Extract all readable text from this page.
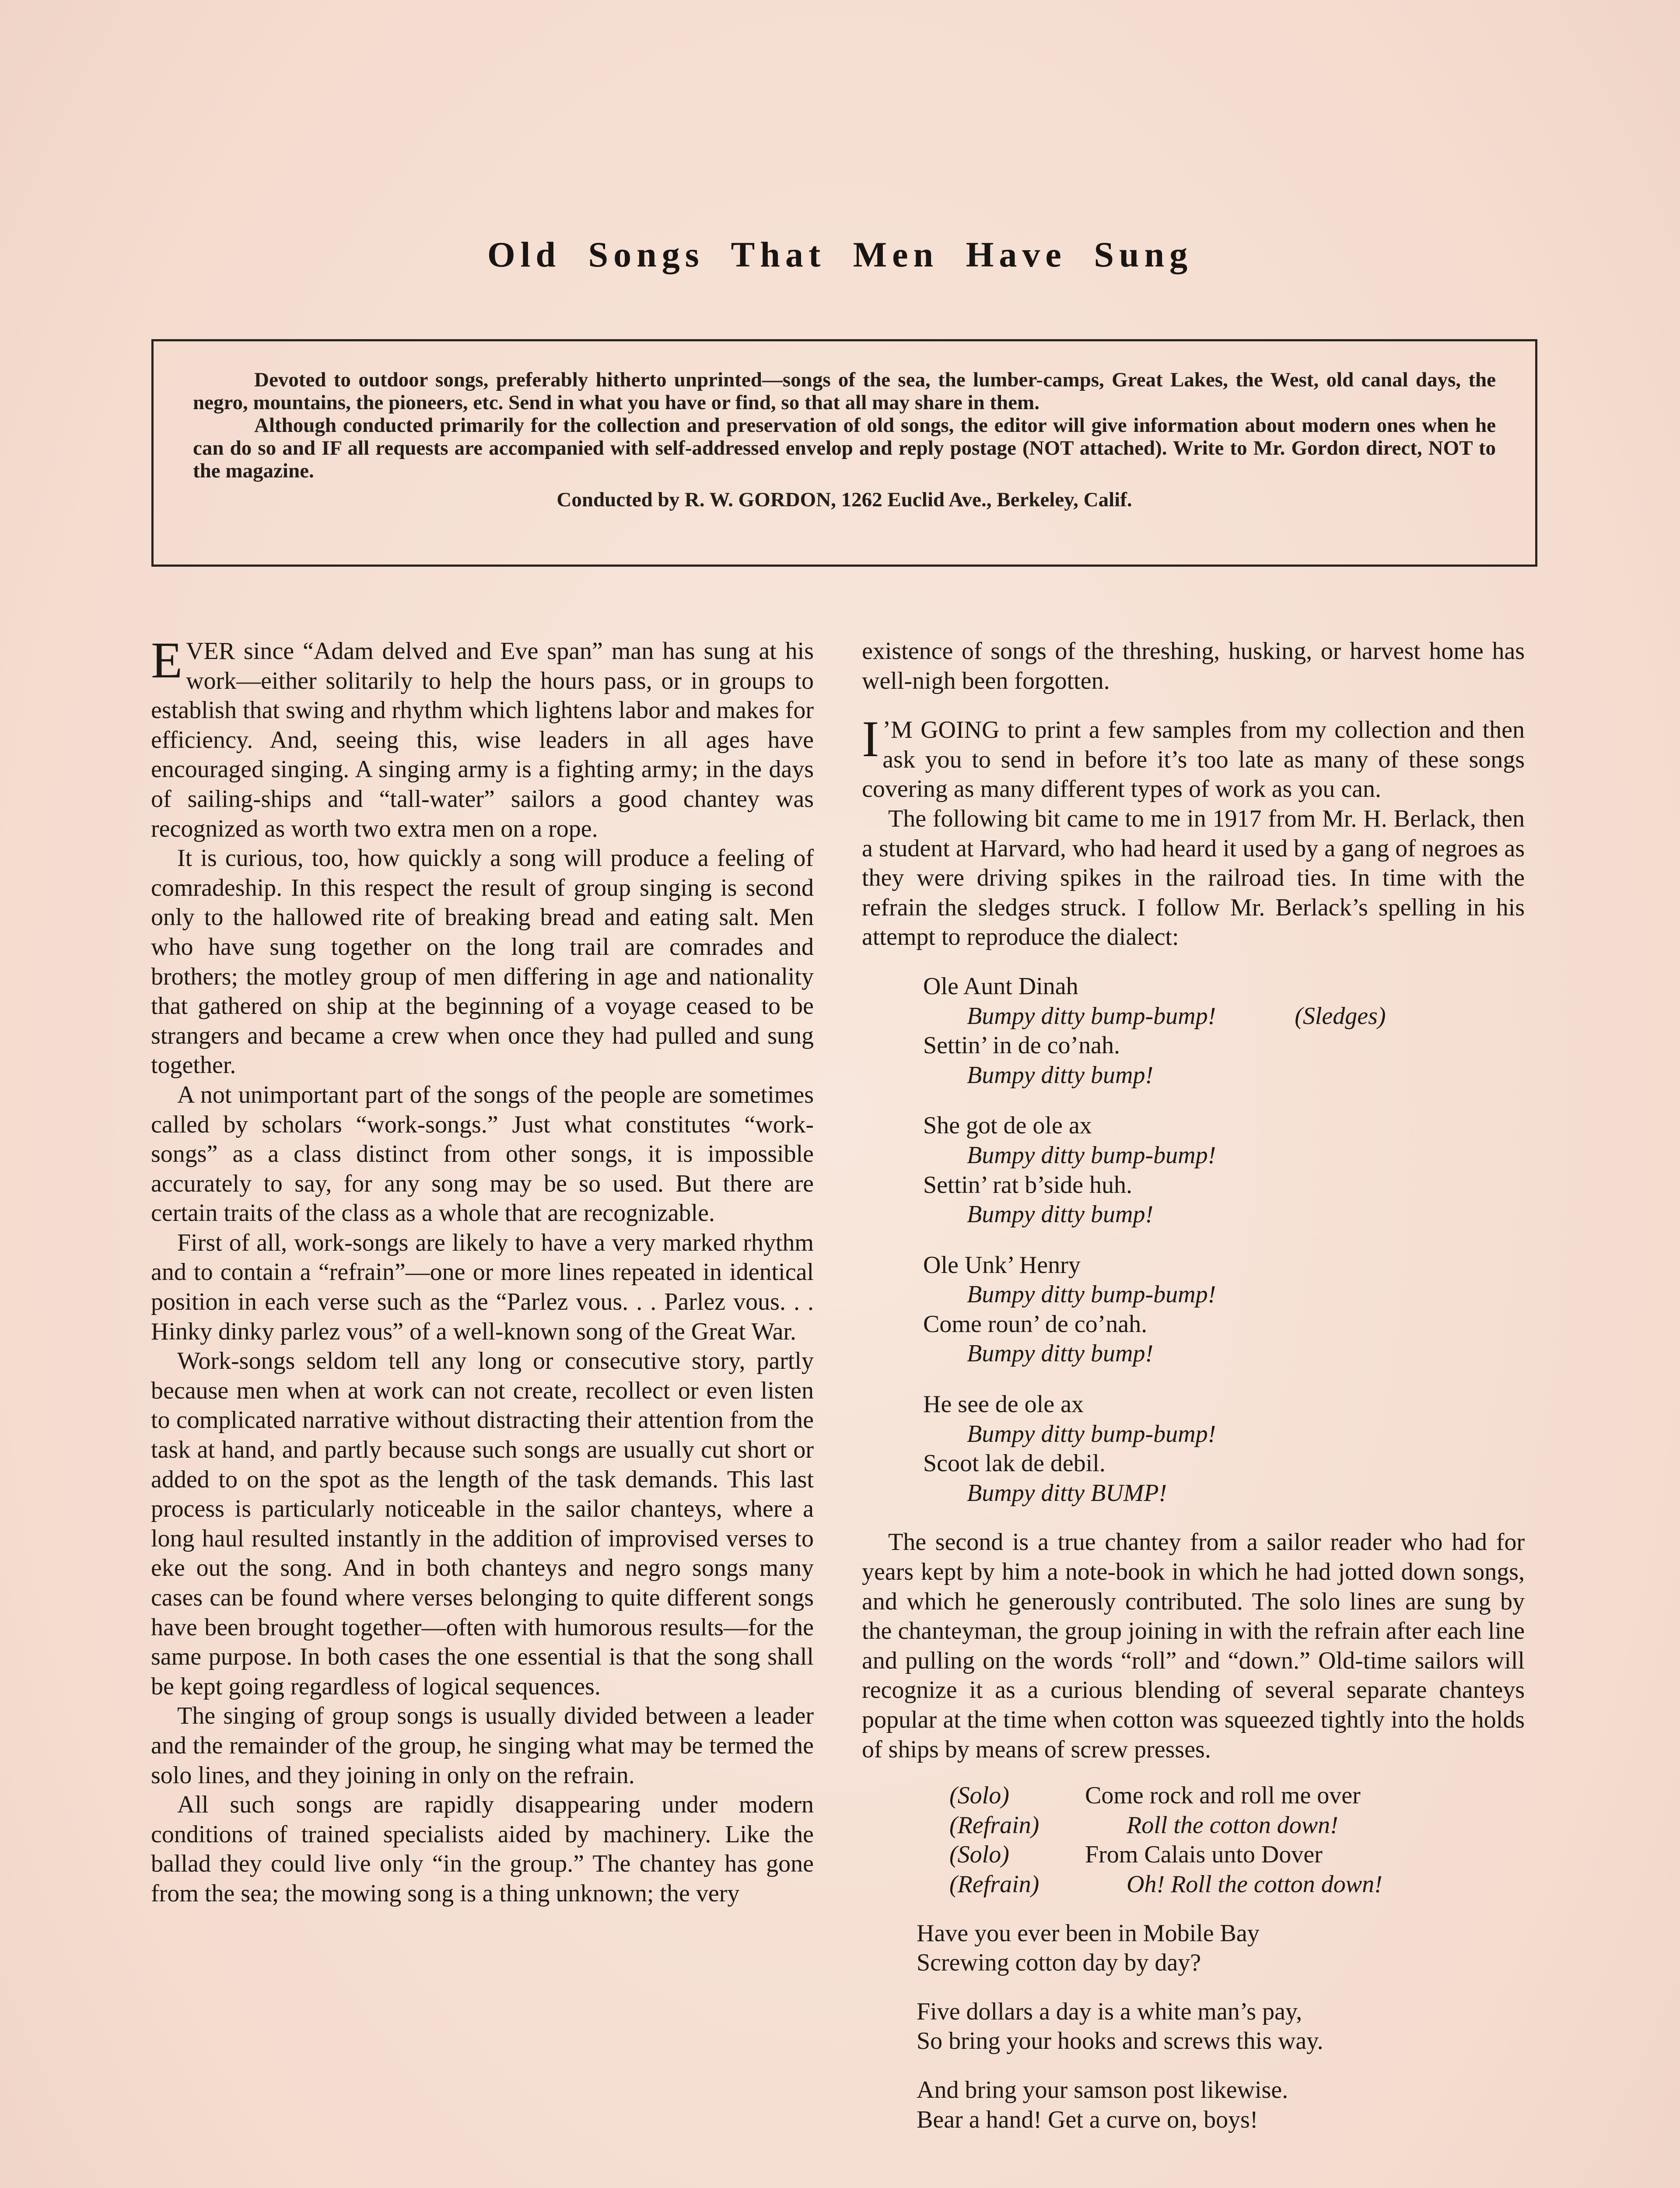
Old Songs That Men Have Sung

Devoted to outdoor songs, preferably hitherto unprinted—songs of the sea, the lumber-camps, Great Lakes, the West, old canal days, the negro, mountains, the pioneers, etc. Send in what you have or find, so that all may share in them.

Although conducted primarily for the collection and preservation of old songs, the editor will give information about modern ones when he can do so and IF all requests are accompanied with self-addressed envelop and reply postage (NOT attached). Write to Mr. Gordon direct, NOT to the magazine.

Conducted by R. W. GORDON, 1262 Euclid Ave., Berkeley, Calif.

EVER since “Adam delved and Eve span” man has sung at his work—either solitarily to help the hours pass, or in groups to establish that swing and rhythm which lightens labor and makes for efficiency. And, seeing this, wise leaders in all ages have encouraged singing. A singing army is a fighting army; in the days of sailing-ships and “tall-water” sailors a good chantey was recognized as worth two extra men on a rope.

It is curious, too, how quickly a song will produce a feeling of comradeship. In this respect the result of group singing is second only to the hallowed rite of breaking bread and eating salt. Men who have sung together on the long trail are comrades and brothers; the motley group of men differing in age and nationality that gathered on ship at the beginning of a voyage ceased to be strangers and became a crew when once they had pulled and sung together.

A not unimportant part of the songs of the people are sometimes called by scholars “work-songs.” Just what constitutes “work-songs” as a class distinct from other songs, it is impossible accurately to say, for any song may be so used. But there are certain traits of the class as a whole that are recognizable.

First of all, work-songs are likely to have a very marked rhythm and to contain a “refrain”—one or more lines repeated in identical position in each verse such as the “Parlez vous. . . Parlez vous. . . Hinky dinky parlez vous” of a well-known song of the Great War.

Work-songs seldom tell any long or consecutive story, partly because men when at work can not create, recollect or even listen to complicated narrative without distracting their attention from the task at hand, and partly because such songs are usually cut short or added to on the spot as the length of the task demands. This last process is particularly noticeable in the sailor chanteys, where a long haul resulted instantly in the addition of improvised verses to eke out the song. And in both chanteys and negro songs many cases can be found where verses belonging to quite different songs have been brought together—often with humorous results—for the same purpose. In both cases the one essential is that the song shall be kept going regardless of logical sequences.

The singing of group songs is usually divided between a leader and the remainder of the group, he singing what may be termed the solo lines, and they joining in only on the refrain.

All such songs are rapidly disappearing under modern conditions of trained specialists aided by machinery. Like the ballad they could live only “in the group.” The chantey has gone from the sea; the mowing song is a thing unknown; the very

existence of songs of the threshing, husking, or harvest home has well-nigh been forgotten.

I ’M GOING to print a few samples from my collection and then ask you to send in before it’s too late as many of these songs covering as many different types of work as you can.

The following bit came to me in 1917 from Mr. H. Berlack, then a student at Harvard, who had heard it used by a gang of negroes as they were driving spikes in the railroad ties. In time with the refrain the sledges struck. I follow Mr. Berlack’s spelling in his attempt to reproduce the dialect:

Ole Aunt Dinah
Bumpy ditty bump-bump!	(Sledges)
Settin’ in de co’nah.
Bumpy ditty bump!
She got de ole ax
Bumpy ditty bump-bump!
Settin’ rat b’side huh.
Bumpy ditty bump!
Ole Unk’ Henry
Bumpy ditty bump-bump!
Come roun’ de co’nah.
Bumpy ditty bump!
He see de ole ax
Bumpy ditty bump-bump!
Scoot lak de debil.
Bumpy ditty BUMP!

The second is a true chantey from a sailor reader who had for years kept by him a note-book in which he had jotted down songs, and which he generously contributed. The solo lines are sung by the chanteyman, the group joining in with the refrain after each line and pulling on the words “roll” and “down.” Old-time sailors will recognize it as a curious blending of several separate chanteys popular at the time when cotton was squeezed tightly into the holds of ships by means of screw presses.

(Solo)	Come rock and roll me over
(Refrain)	Roll the cotton down!
(Solo)	From Calais unto Dover
(Refrain)	Oh! Roll the cotton down!
Have you ever been in Mobile Bay
Screwing cotton day by day?
Five dollars a day is a white man’s pay,
So bring your hooks and screws this way.
And bring your samson post likewise.
Bear a hand! Get a curve on, boys!
